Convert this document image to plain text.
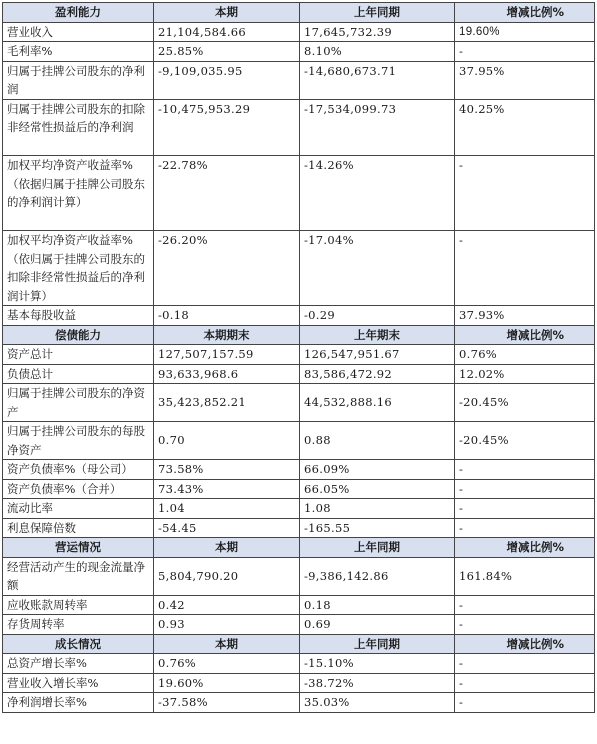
盈利能力	本期	上年同期	增减比例%
营业收入	21,104,584.66	17,645,732.39	19.60%
毛利率%	25.85%	8.10%	-
归属于挂牌公司股东的净利润	-9,109,035.95	-14,680,673.71	37.95%
归属于挂牌公司股东的扣除非经常性损益后的净利润	-10,475,953.29	-17,534,099.73	40.25%
加权平均净资产收益率%（依据归属于挂牌公司股东的净利润计算）	-22.78%	-14.26%	-
加权平均净资产收益率%（依归属于挂牌公司股东的扣除非经常性损益后的净利润计算）	-26.20%	-17.04%	-
基本每股收益	-0.18	-0.29	37.93%
偿债能力	本期期末	上年期末	增减比例%
资产总计	127,507,157.59	126,547,951.67	0.76%
负债总计	93,633,968.6	83,586,472.92	12.02%
归属于挂牌公司股东的净资产	35,423,852.21	44,532,888.16	-20.45%
归属于挂牌公司股东的每股净资产	0.70	0.88	-20.45%
资产负债率%（母公司）	73.58%	66.09%	-
资产负债率%（合并）	73.43%	66.05%	-
流动比率	1.04	1.08	-
利息保障倍数	-54.45	-165.55	-
营运情况	本期	上年同期	增减比例%
经营活动产生的现金流量净额	5,804,790.20	-9,386,142.86	161.84%
应收账款周转率	0.42	0.18	-
存货周转率	0.93	0.69	-
成长情况	本期	上年同期	增减比例%
总资产增长率%	0.76%	-15.10%	-
营业收入增长率%	19.60%	-38.72%	-
净利润增长率%	-37.58%	35.03%	-
